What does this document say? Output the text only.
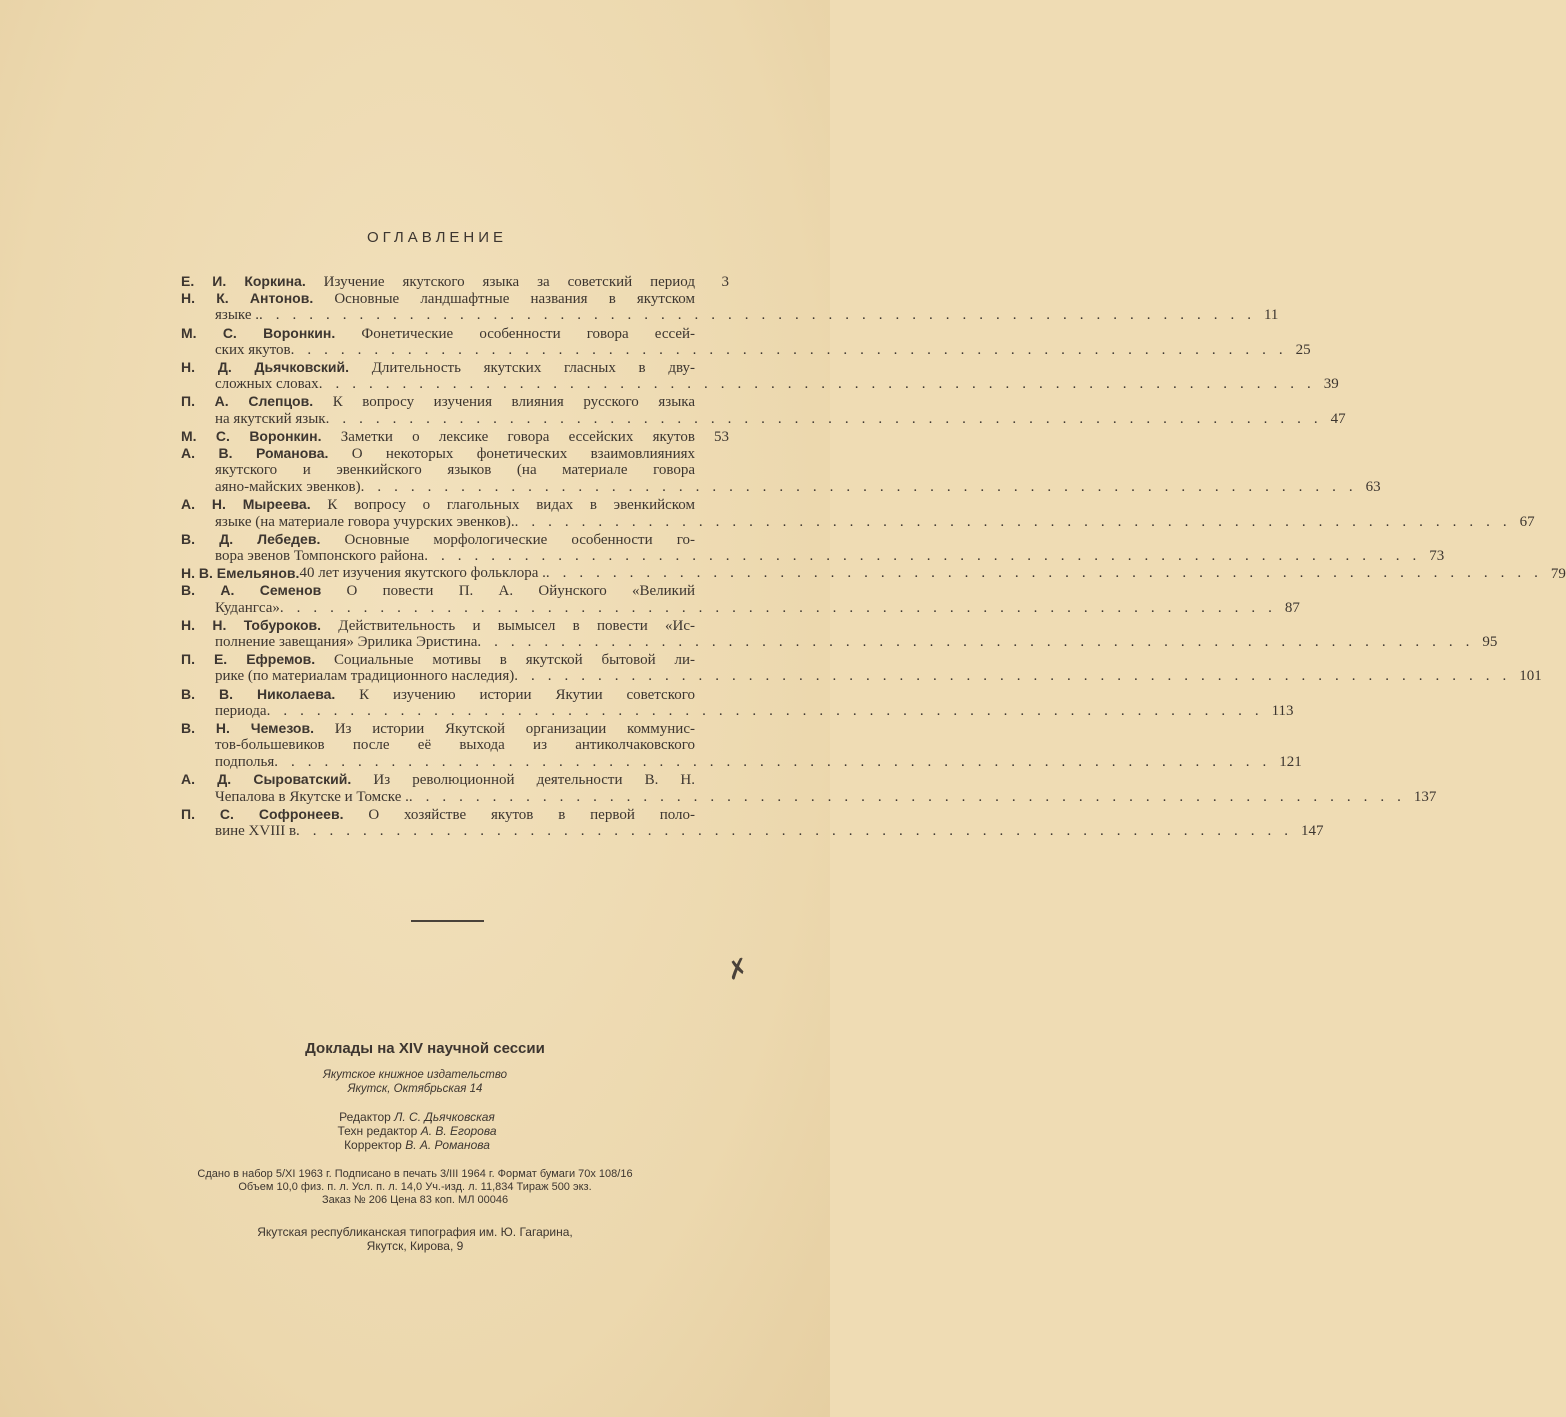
ОГЛАВЛЕНИЕ
Е. И. Коркина. Изучение якутского языка за советский период	3
Н. К. Антонов. Основные ландшафтные названия в якутском
языке . ............................................................ 11
М. С. Воронкин. Фонетические особенности говора ессей-
ских якутов ............................................................ 25
Н. Д. Дьячковский. Длительность якутских гласных в дву-
сложных словах ............................................................ 39
П. А. Слепцов. К вопросу изучения влияния русского языка
на якутский язык ............................................................ 47
М. С. Воронкин. Заметки о лексике говора ессейских якутов	53
А. В. Романова. О некоторых фонетических взаимовлияниях
якутского и эвенкийского языков (на материале говора
аяно-майских эвенков) ............................................................ 63
А. Н. Мыреева. К вопросу о глагольных видах в эвенкийском
языке (на материале говора учурских эвенков). ............................................................ 67
В. Д. Лебедев. Основные морфологические особенности го-
вора эвенов Томпонского района ............................................................ 73
Н. В. Емельянов. 40 лет изучения якутского фольклора . ............................................................ 79
В. А. Семенов О повести П. А. Ойунского «Великий
Кудангса» ............................................................ 87
Н. Н. Тобуроков. Действительность и вымысел в повести «Ис-
полнение завещания» Эрилика Эристина ............................................................ 95
П. Е. Ефремов. Социальные мотивы в якутской бытовой ли-
рике (по материалам традиционного наследия) ............................................................ 101
В. В. Николаева. К изучению истории Якутии советского
периода ............................................................ 113
В. Н. Чемезов. Из истории Якутской организации коммунис-
тов-большевиков после её выхода из антиколчаковского
подполья ............................................................ 121
А. Д. Сыроватский. Из революционной деятельности В. Н.
Чепалова в Якутске и Томске . ............................................................ 137
П. С. Софронеев. О хозяйстве якутов в первой поло-
вине XVIII в ............................................................ 147
✗
Доклады на XIV научной сессии
Якутское книжное издательство
Якутск, Октябрьская 14
Редактор Л. С. Дьячковская
Техн редактор А. В. Егорова
Корректор В. А. Романова
Сдано в набор 5/XI 1963 г. Подписано в печать 3/III 1964 г. Формат бумаги 70х 108/16
Объем 10,0 физ. п. л. Усл. п. л. 14,0 Уч.-изд. л. 11,834 Тираж 500 экз.
Заказ № 206 Цена 83 коп. МЛ 00046
Якутская республиканская типография им. Ю. Гагарина,
Якутск, Кирова, 9
